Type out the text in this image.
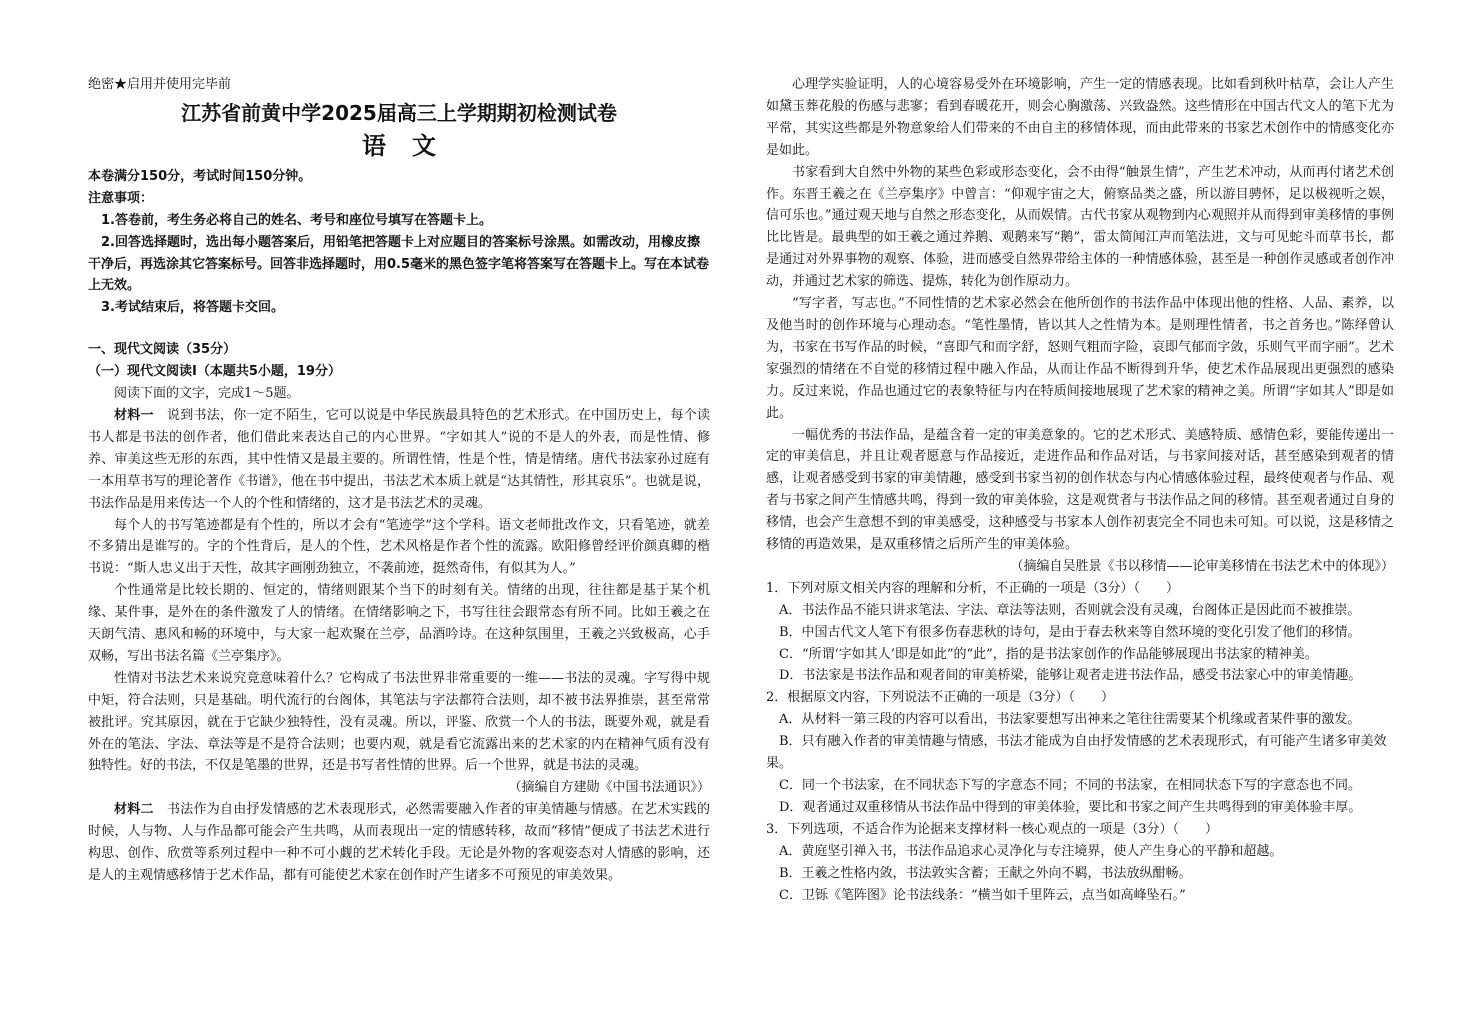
绝密★启用并使用完毕前
江苏省前黄中学2025届高三上学期期初检测试卷
语文
本卷满分150分，考试时间150分钟。
注意事项：
1.答卷前，考生务必将自己的姓名、考号和座位号填写在答题卡上。
2.回答选择题时，选出每小题答案后，用铅笔把答题卡上对应题目的答案标号涂黑。如需改动，用橡皮擦干净后，再选涂其它答案标号。回答非选择题时，用0.5毫米的黑色签字笔将答案写在答题卡上。写在本试卷上无效。
3.考试结束后，将答题卡交回。
一、现代文阅读（35分）
（一）现代文阅读Ⅰ（本题共5小题，19分）
阅读下面的文字，完成1～5题。

材料一　 说到书法，你一定不陌生，它可以说是中华民族最具特色的艺术形式。在中国历史上，每个读书人都是书法的创作者，他们借此来表达自己的内心世界。“字如其人”说的不是人的外表，而是性情、修养、审美这些无形的东西，其中性情又是最主要的。所谓性情，性是个性，情是情绪。唐代书法家孙过庭有一本用草书写的理论著作《书谱》，他在书中提出，书法艺术本质上就是“达其情性，形其哀乐”。也就是说，书法作品是用来传达一个人的个性和情绪的，这才是书法艺术的灵魂。

每个人的书写笔迹都是有个性的，所以才会有“笔迹学”这个学科。语文老师批改作文，只看笔迹，就差不多猜出是谁写的。字的个性背后，是人的个性，艺术风格是作者个性的流露。欧阳修曾经评价颜真卿的楷书说：“斯人忠义出于天性，故其字画刚劲独立，不袭前迹，挺然奇伟，有似其为人。”

个性通常是比较长期的、恒定的，情绪则跟某个当下的时刻有关。情绪的出现，往往都是基于某个机缘、某件事，是外在的条件激发了人的情绪。在情绪影响之下，书写往往会跟常态有所不同。比如王羲之在天朗气清、惠风和畅的环境中，与大家一起欢聚在兰亭，品酒吟诗。在这种氛围里，王羲之兴致极高，心手双畅，写出书法名篇《兰亭集序》。

性情对书法艺术来说究竟意味着什么？它构成了书法世界非常重要的一维——书法的灵魂。字写得中规中矩，符合法则，只是基础。明代流行的台阁体，其笔法与字法都符合法则，却不被书法界推崇，甚至常常被批评。究其原因，就在于它缺少独特性，没有灵魂。所以，评鉴、欣赏一个人的书法，既要外观，就是看外在的笔法、字法、章法等是不是符合法则；也要内观，就是看它流露出来的艺术家的内在精神气质有没有独特性。好的书法，不仅是笔墨的世界，还是书写者性情的世界。后一个世界，就是书法的灵魂。

（摘编自方建勋《中国书法通识》）

材料二　 书法作为自由抒发情感的艺术表现形式，必然需要融入作者的审美情趣与情感。在艺术实践的时候，人与物、人与作品都可能会产生共鸣，从而表现出一定的情感转移，故而“移情”便成了书法艺术进行构思、创作、欣赏等系列过程中一种不可小觑的艺术转化手段。无论是外物的客观姿态对人情感的影响，还是人的主观情感移情于艺术作品，都有可能使艺术家在创作时产生诸多不可预见的审美效果。

心理学实验证明，人的心境容易受外在环境影响，产生一定的情感表现。比如看到秋叶枯草，会让人产生如黛玉葬花般的伤感与悲寥；看到春暖花开，则会心胸激荡、兴致盎然。这些情形在中国古代文人的笔下尤为平常，其实这些都是外物意象给人们带来的不由自主的移情体现，而由此带来的书家艺术创作中的情感变化亦是如此。

书家看到大自然中外物的某些色彩或形态变化，会不由得“触景生情”，产生艺术冲动，从而再付诸艺术创作。东晋王羲之在《兰亭集序》中曾言：“仰观宇宙之大，俯察品类之盛，所以游目骋怀，足以极视听之娱，信可乐也。”通过观天地与自然之形态变化，从而娱情。古代书家从观物到内心观照并从而得到审美移情的事例比比皆是。最典型的如王羲之通过养鹅、观鹅来写“鹅”，雷太简闻江声而笔法进，文与可见蛇斗而草书长，都是通过对外界事物的观察、体验，进而感受自然界带给主体的一种情感体验，甚至是一种创作灵感或者创作冲动，并通过艺术家的筛选、提炼，转化为创作原动力。

“写字者，写志也。”不同性情的艺术家必然会在他所创作的书法作品中体现出他的性格、人品、素养，以及他当时的创作环境与心理动态。“笔性墨情，皆以其人之性情为本。是则理性情者，书之首务也。”陈绎曾认为，书家在书写作品的时候，“喜即气和而字舒，怒则气粗而字险，哀即气郁而字敛，乐则气平而字丽”。艺术家强烈的情绪在不自觉的移情过程中融入作品，从而让作品不断得到升华，使艺术作品展现出更强烈的感染力。反过来说，作品也通过它的表象特征与内在特质间接地展现了艺术家的精神之美。所谓“字如其人”即是如此。

一幅优秀的书法作品，是蕴含着一定的审美意象的。它的艺术形式、美感特质、感情色彩，要能传递出一定的审美信息，并且让观者愿意与作品接近，走进作品和作品对话，与书家间接对话，甚至感染到观者的情感，让观者感受到书家的审美情趣，感受到书家当初的创作状态与内心情感体验过程，最终使观者与作品、观者与书家之间产生情感共鸣，得到一致的审美体验，这是观赏者与书法作品之间的移情。甚至观者通过自身的移情，也会产生意想不到的审美感受，这种感受与书家本人创作初衷完全不同也未可知。可以说，这是移情之移情的再造效果，是双重移情之后所产生的审美体验。

（摘编自吴胜景《书以移情——论审美移情在书法艺术中的体现》）

1．下列对原文相关内容的理解和分析，不正确的一项是（3分）（　　）

A．书法作品不能只讲求笔法、字法、章法等法则，否则就会没有灵魂，台阁体正是因此而不被推崇。

B．中国古代文人笔下有很多伤春悲秋的诗句，是由于春去秋来等自然环境的变化引发了他们的移情。

C．“所谓‘字如其人’即是如此”的“此”，指的是书法家创作的作品能够展现出书法家的精神美。

D．书法家是书法作品和观者间的审美桥梁，能够让观者走进书法作品，感受书法家心中的审美情趣。

2．根据原文内容，下列说法不正确的一项是（3分）（　　）

A．从材料一第三段的内容可以看出，书法家要想写出神来之笔往往需要某个机缘或者某件事的激发。

B．只有融入作者的审美情趣与情感，书法才能成为自由抒发情感的艺术表现形式，有可能产生诸多审美效果。

C．同一个书法家，在不同状态下写的字意态不同；不同的书法家，在相同状态下写的字意态也不同。

D．观者通过双重移情从书法作品中得到的审美体验，要比和书家之间产生共鸣得到的审美体验丰厚。

3．下列选项，不适合作为论据来支撑材料一核心观点的一项是（3分）（　　）

A．黄庭坚引禅入书，书法作品追求心灵净化与专注境界，使人产生身心的平静和超越。

B．王羲之性格内敛，书法敦实含蓄；王献之外向不羁，书法放纵酣畅。

C．卫铄《笔阵图》论书法线条：“横当如千里阵云，点当如高峰坠石。”
